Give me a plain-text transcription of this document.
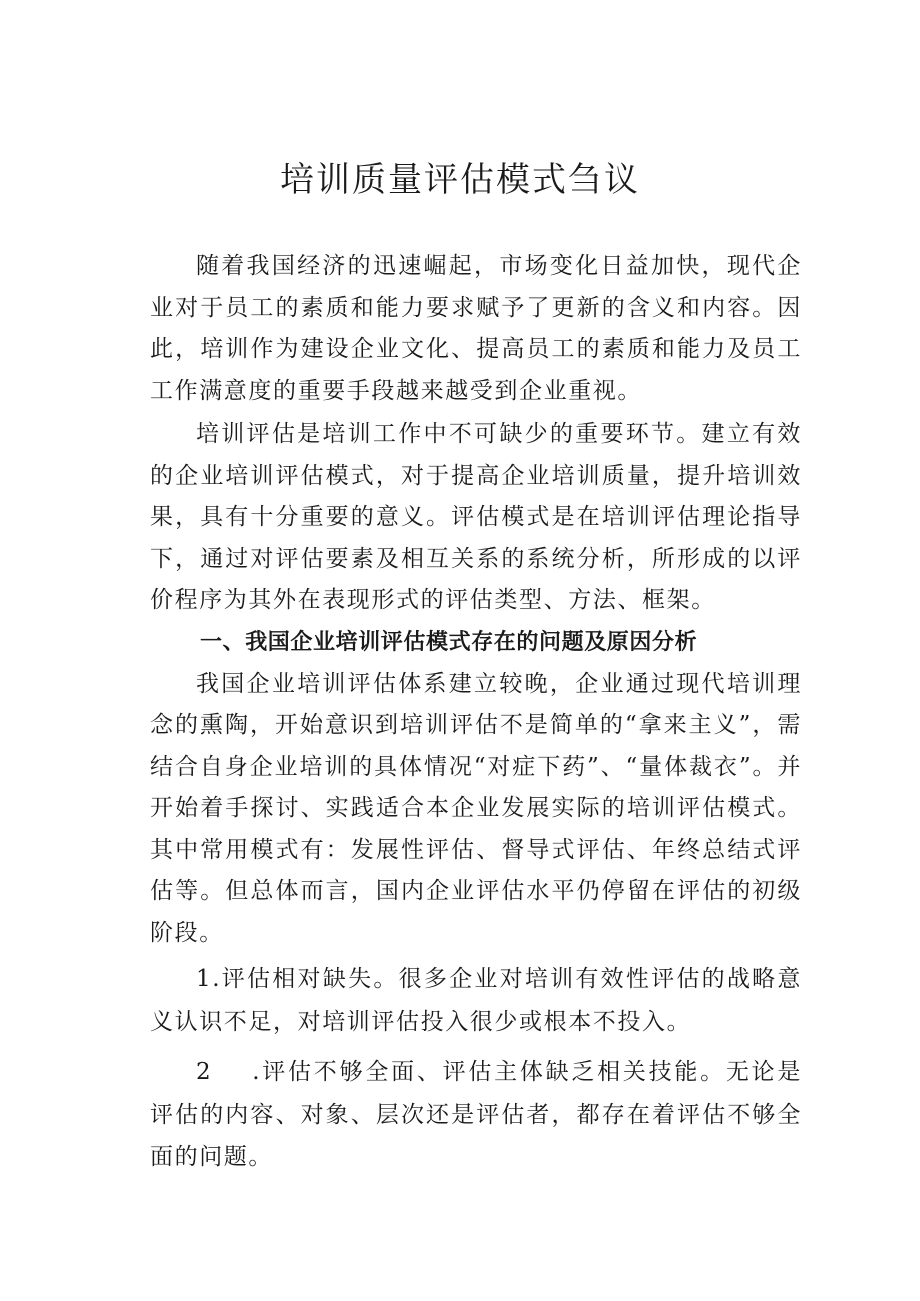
培训质量评估模式刍议

随着我国经济的迅速崛起，市场变化日益加快，现代企业对于员工的素质和能力要求赋予了更新的含义和内容。因此，培训作为建设企业文化、提高员工的素质和能力及员工工作满意度的重要手段越来越受到企业重视。

培训评估是培训工作中不可缺少的重要环节。建立有效的企业培训评估模式，对于提高企业培训质量，提升培训效果，具有十分重要的意义。评估模式是在培训评估理论指导下，通过对评估要素及相互关系的系统分析，所形成的以评价程序为其外在表现形式的评估类型、方法、框架。

一、我国企业培训评估模式存在的问题及原因分析

我国企业培训评估体系建立较晚，企业通过现代培训理念的熏陶，开始意识到培训评估不是简单的“拿来主义”，需结合自身企业培训的具体情况“对症下药”、“量体裁衣”。并开始着手探讨、实践适合本企业发展实际的培训评估模式。其中常用模式有：发展性评估、督导式评估、年终总结式评估等。但总体而言，国内企业评估水平仍停留在评估的初级阶段。

1.评估相对缺失。很多企业对培训有效性评估的战略意义认识不足，对培训评估投入很少或根本不投入。

2 .评估不够全面、评估主体缺乏相关技能。无论是评估的内容、对象、层次还是评估者，都存在着评估不够全面的问题。
